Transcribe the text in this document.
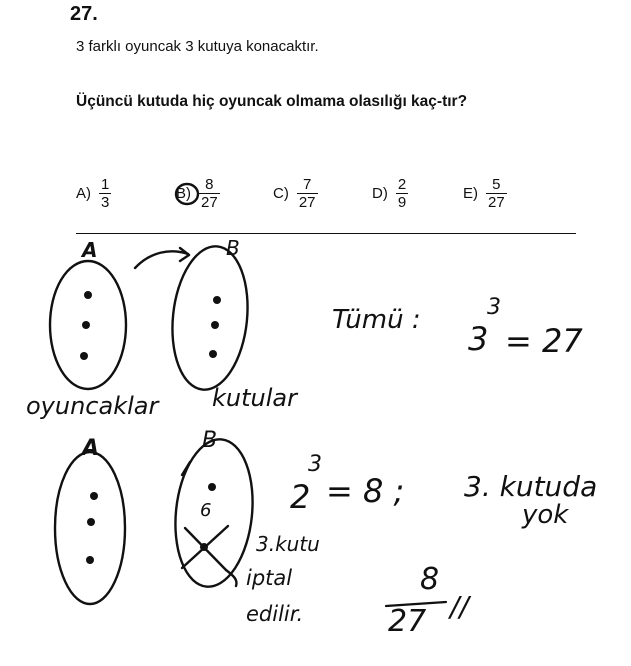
27.
3 farklı oyuncak 3 kutuya konacaktır.
Üçüncü kutuda hiç oyuncak olmama olasılığı kaç-tır?
$A) \frac{1}{3}$	$B) \frac{8}{27}$	$C) \frac{7}{27}$	$D) \frac{2}{9}$	$E) \frac{5}{27}$
A	B
oyuncaklar kutular
Tümü : 3
3
= 27
A	B
6 2
3
= 8 ; 3. kutuda
yok
3.kutu
iptal
edilir.
8
27 //
